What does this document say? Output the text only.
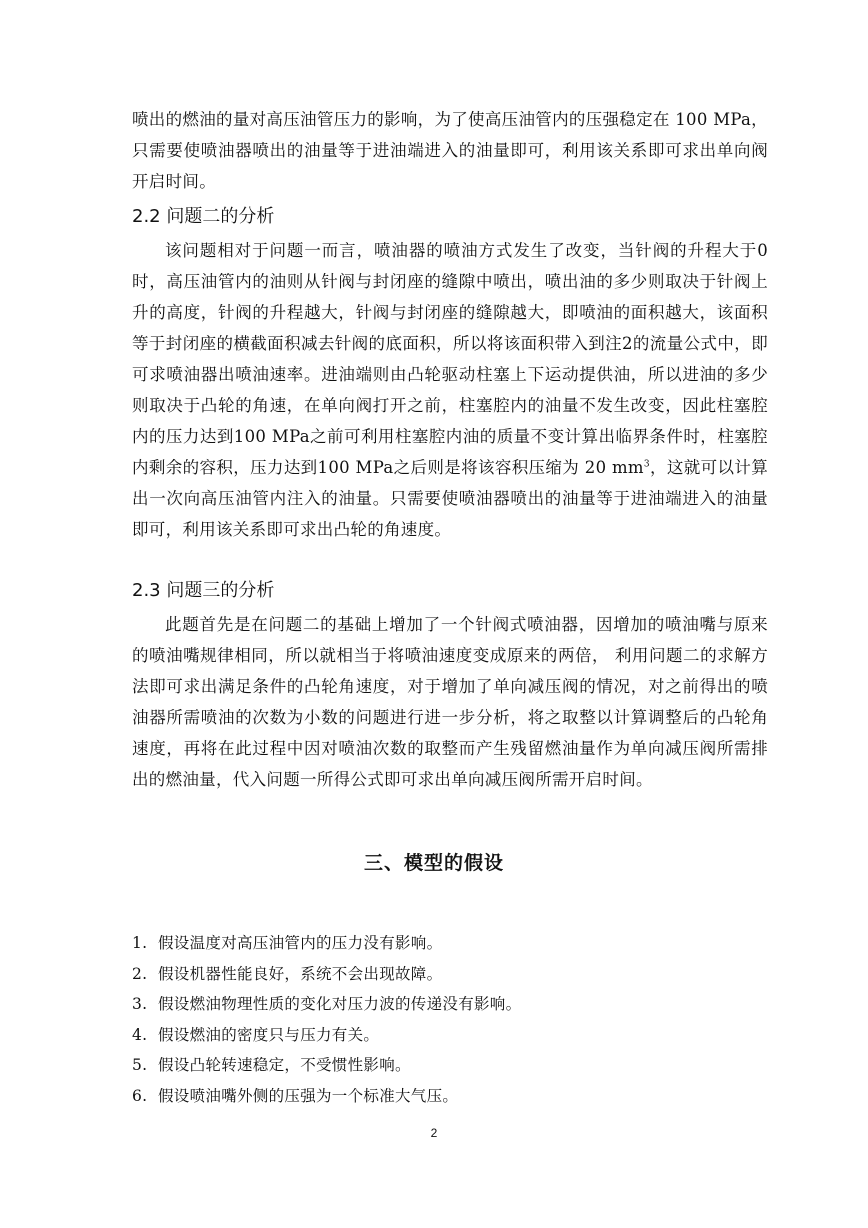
喷出的燃油的量对高压油管压力的影响，为了使高压油管内的压强稳定在 100 MPa，只需要使喷油器喷出的油量等于进油端进入的油量即可，利用该关系即可求出单向阀开启时间。

2.2 问题二的分析

该问题相对于问题一而言，喷油器的喷油方式发生了改变，当针阀的升程大于0时，高压油管内的油则从针阀与封闭座的缝隙中喷出，喷出油的多少则取决于针阀上升的高度，针阀的升程越大，针阀与封闭座的缝隙越大，即喷油的面积越大，该面积等于封闭座的横截面积减去针阀的底面积，所以将该面积带入到注2的流量公式中，即可求喷油器出喷油速率。进油端则由凸轮驱动柱塞上下运动提供油，所以进油的多少则取决于凸轮的角速，在单向阀打开之前，柱塞腔内的油量不发生改变，因此柱塞腔内的压力达到100 MPa之前可利用柱塞腔内油的质量不变计算出临界条件时，柱塞腔内剩余的容积，压力达到100 MPa之后则是将该容积压缩为 20 $mm^3$，这就可以计算出一次向高压油管内注入的油量。只需要使喷油器喷出的油量等于进油端进入的油量即可，利用该关系即可求出凸轮的角速度。

2.3 问题三的分析

此题首先是在问题二的基础上增加了一个针阀式喷油器，因增加的喷油嘴与原来的喷油嘴规律相同，所以就相当于将喷油速度变成原来的两倍， 利用问题二的求解方法即可求出满足条件的凸轮角速度，对于增加了单向减压阀的情况，对之前得出的喷油器所需喷油的次数为小数的问题进行进一步分析，将之取整以计算调整后的凸轮角速度，再将在此过程中因对喷油次数的取整而产生残留燃油量作为单向减压阀所需排出的燃油量，代入问题一所得公式即可求出单向减压阀所需开启时间。

三、模型的假设
1. 假设温度对高压油管内的压力没有影响。
2. 假设机器性能良好，系统不会出现故障。
3. 假设燃油物理性质的变化对压力波的传递没有影响。
4. 假设燃油的密度只与压力有关。
5. 假设凸轮转速稳定，不受惯性影响。
6. 假设喷油嘴外侧的压强为一个标准大气压。
2
